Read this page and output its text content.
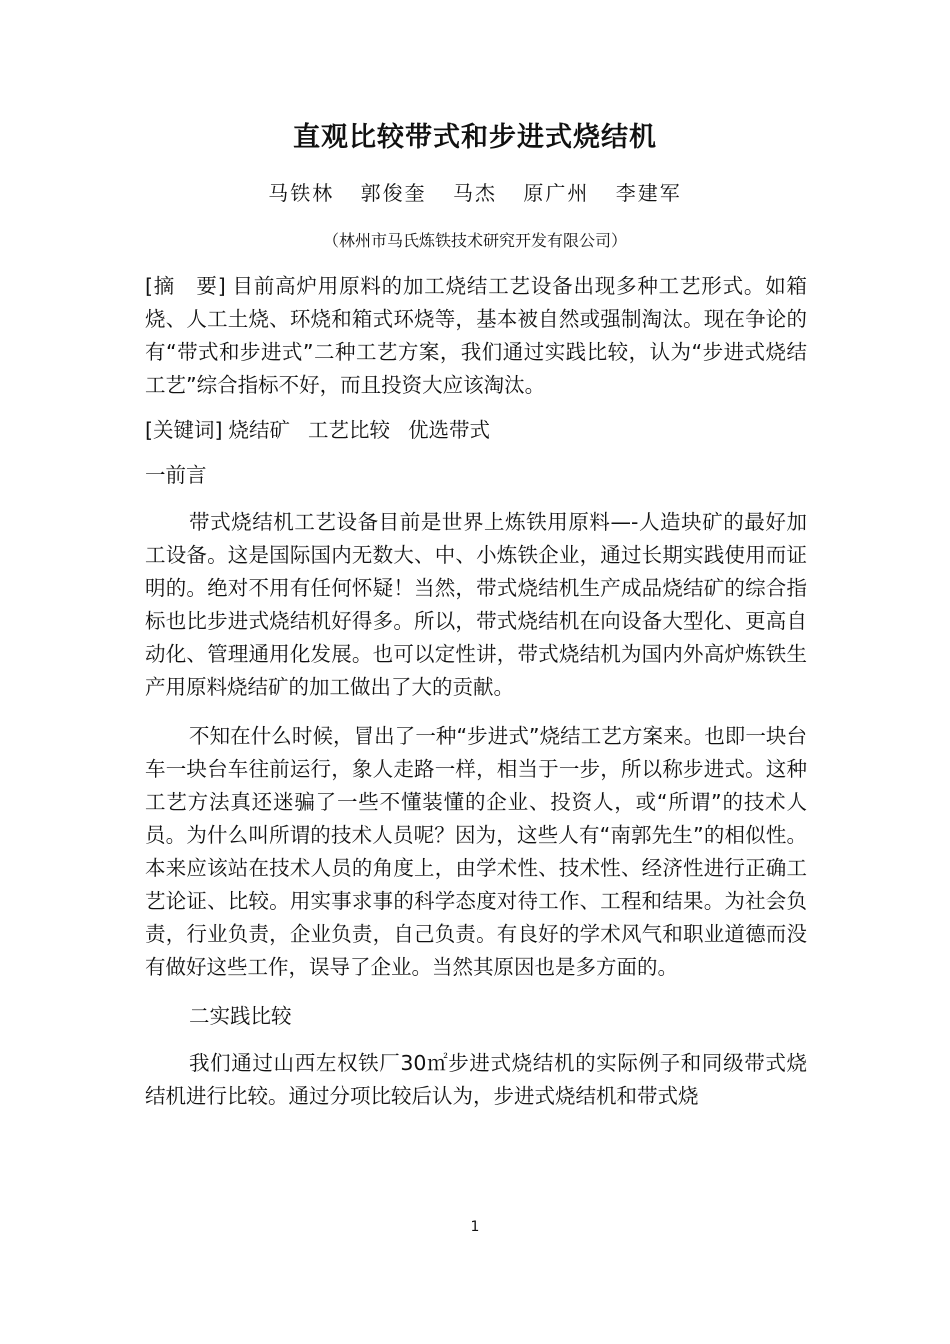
直观比较带式和步进式烧结机
马铁林 郭俊奎 马杰 原广州 李建军
（林州市马氏炼铁技术研究开发有限公司）

[摘　要] 目前高炉用原料的加工烧结工艺设备出现多种工艺形式。如箱烧、人工土烧、环烧和箱式环烧等，基本被自然或强制淘汰。现在争论的有“带式和步进式”二种工艺方案，我们通过实践比较，认为“步进式烧结工艺”综合指标不好，而且投资大应该淘汰。

[关键词] 烧结矿 工艺比较 优选带式

一前言

带式烧结机工艺设备目前是世界上炼铁用原料—-人造块矿的最好加工设备。这是国际国内无数大、中、小炼铁企业，通过长期实践使用而证明的。绝对不用有任何怀疑！当然，带式烧结机生产成品烧结矿的综合指标也比步进式烧结机好得多。所以，带式烧结机在向设备大型化、更高自动化、管理通用化发展。也可以定性讲，带式烧结机为国内外高炉炼铁生产用原料烧结矿的加工做出了大的贡献。

不知在什么时候，冒出了一种“步进式”烧结工艺方案来。也即一块台车一块台车往前运行，象人走路一样，相当于一步，所以称步进式。这种工艺方法真还迷骗了一些不懂装懂的企业、投资人，或“所谓”的技术人员。为什么叫所谓的技术人员呢？因为，这些人有“南郭先生”的相似性。本来应该站在技术人员的角度上，由学术性、技术性、经济性进行正确工艺论证、比较。用实事求事的科学态度对待工作、工程和结果。为社会负责，行业负责，企业负责，自己负责。有良好的学术风气和职业道德而没有做好这些工作，误导了企业。当然其原因也是多方面的。

二实践比较

我们通过山西左权铁厂30㎡步进式烧结机的实际例子和同级带式烧结机进行比较。通过分项比较后认为，步进式烧结机和带式烧

1
